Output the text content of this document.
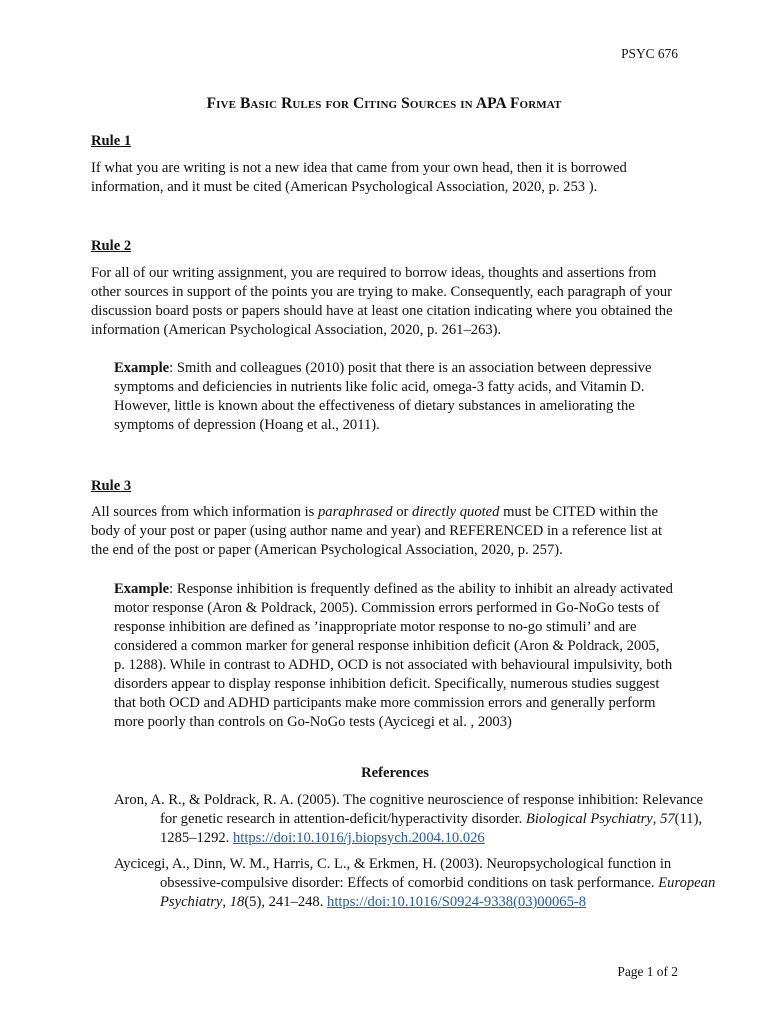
PSYC 676
Five Basic Rules for Citing Sources in APA Format
Rule 1
If what you are writing is not a new idea that came from your own head, then it is borrowed information, and it must be cited (American Psychological Association, 2020, p. 253 ).
Rule 2
For all of our writing assignment, you are required to borrow ideas, thoughts and assertions from other sources in support of the points you are trying to make. Consequently, each paragraph of your discussion board posts or papers should have at least one citation indicating where you obtained the information (American Psychological Association, 2020, p. 261–263).
Example: Smith and colleagues (2010) posit that there is an association between depressive symptoms and deficiencies in nutrients like folic acid, omega-3 fatty acids, and Vitamin D. However, little is known about the effectiveness of dietary substances in ameliorating the symptoms of depression (Hoang et al., 2011).
Rule 3
All sources from which information is paraphrased or directly quoted must be CITED within the body of your post or paper (using author name and year) and REFERENCED in a reference list at the end of the post or paper (American Psychological Association, 2020, p. 257).
Example: Response inhibition is frequently defined as the ability to inhibit an already activated motor response (Aron & Poldrack, 2005). Commission errors performed in Go-NoGo tests of response inhibition are defined as ’inappropriate motor response to no-go stimuli’ and are considered a common marker for general response inhibition deficit (Aron & Poldrack, 2005, p. 1288). While in contrast to ADHD, OCD is not associated with behavioural impulsivity, both disorders appear to display response inhibition deficit. Specifically, numerous studies suggest that both OCD and ADHD participants make more commission errors and generally perform more poorly than controls on Go-NoGo tests (Aycicegi et al. , 2003)
References
Aron, A. R., & Poldrack, R. A. (2005). The cognitive neuroscience of response inhibition: Relevance for genetic research in attention-deficit/hyperactivity disorder. Biological Psychiatry, 57(11), 1285–1292. https://doi:10.1016/j.biopsych.2004.10.026
Aycicegi, A., Dinn, W. M., Harris, C. L., & Erkmen, H. (2003). Neuropsychological function in obsessive-compulsive disorder: Effects of comorbid conditions on task performance. European Psychiatry, 18(5), 241–248. https://doi:10.1016/S0924-9338(03)00065-8
Page 1 of 2
